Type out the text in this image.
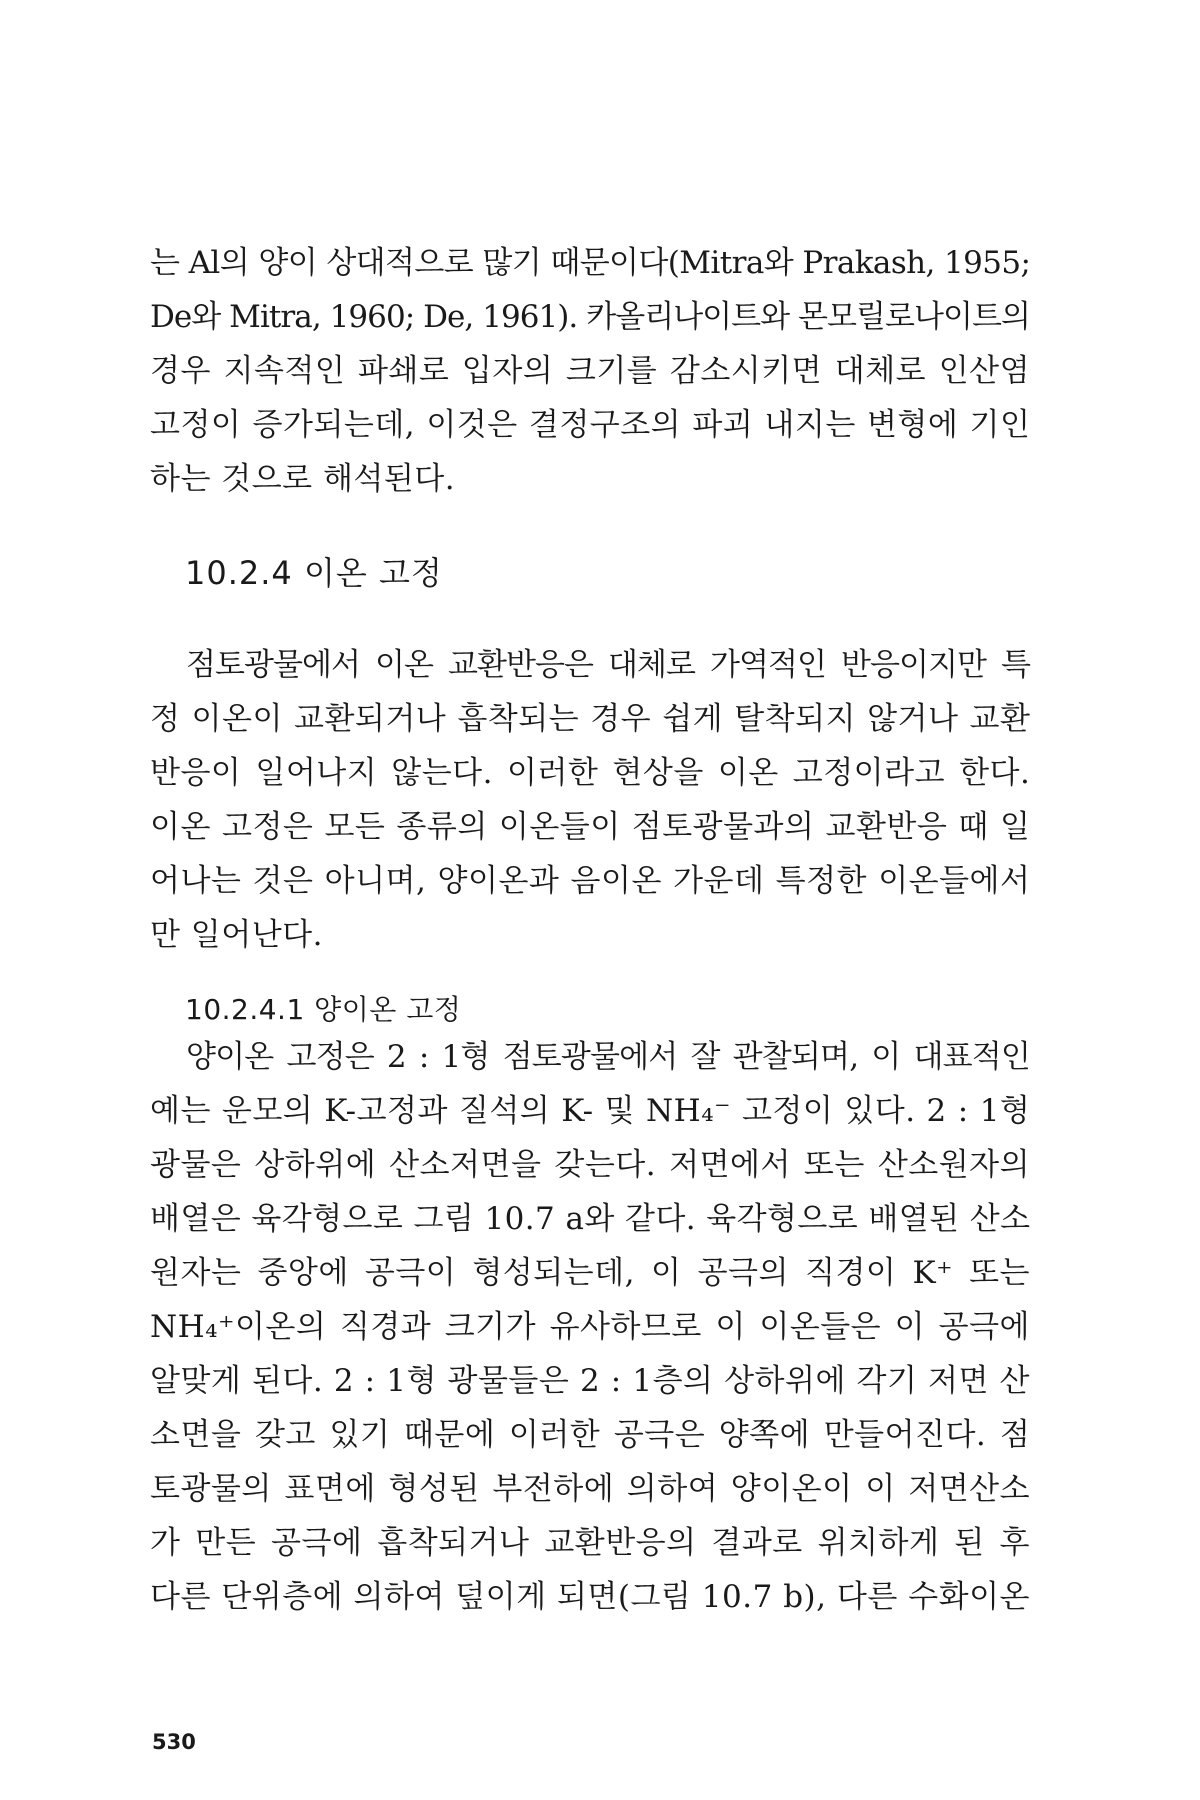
는 Al의 양이 상대적으로 많기 때문이다(Mitra와 Prakash, 1955;
De와 Mitra, 1960; De, 1961). 카올리나이트와 몬모릴로나이트의
경우 지속적인 파쇄로 입자의 크기를 감소시키면 대체로 인산염
고정이 증가되는데, 이것은 결정구조의 파괴 내지는 변형에 기인
하는 것으로 해석된다.
10.2.4 이온 고정
점토광물에서 이온 교환반응은 대체로 가역적인 반응이지만 특
정 이온이 교환되거나 흡착되는 경우 쉽게 탈착되지 않거나 교환
반응이 일어나지 않는다. 이러한 현상을 이온 고정이라고 한다.
이온 고정은 모든 종류의 이온들이 점토광물과의 교환반응 때 일
어나는 것은 아니며, 양이온과 음이온 가운데 특정한 이온들에서
만 일어난다.
10.2.4.1 양이온 고정
양이온 고정은 2 : 1형 점토광물에서 잘 관찰되며, 이 대표적인
예는 운모의 K-고정과 질석의 K- 및 NH₄⁻ 고정이 있다. 2 : 1형
광물은 상하위에 산소저면을 갖는다. 저면에서 또는 산소원자의
배열은 육각형으로 그림 10.7 a와 같다. 육각형으로 배열된 산소
원자는 중앙에 공극이 형성되는데, 이 공극의 직경이 K⁺ 또는
NH₄⁺이온의 직경과 크기가 유사하므로 이 이온들은 이 공극에
알맞게 된다. 2 : 1형 광물들은 2 : 1층의 상하위에 각기 저면 산
소면을 갖고 있기 때문에 이러한 공극은 양쪽에 만들어진다. 점
토광물의 표면에 형성된 부전하에 의하여 양이온이 이 저면산소
가 만든 공극에 흡착되거나 교환반응의 결과로 위치하게 된 후
다른 단위층에 의하여 덮이게 되면(그림 10.7 b), 다른 수화이온
530
